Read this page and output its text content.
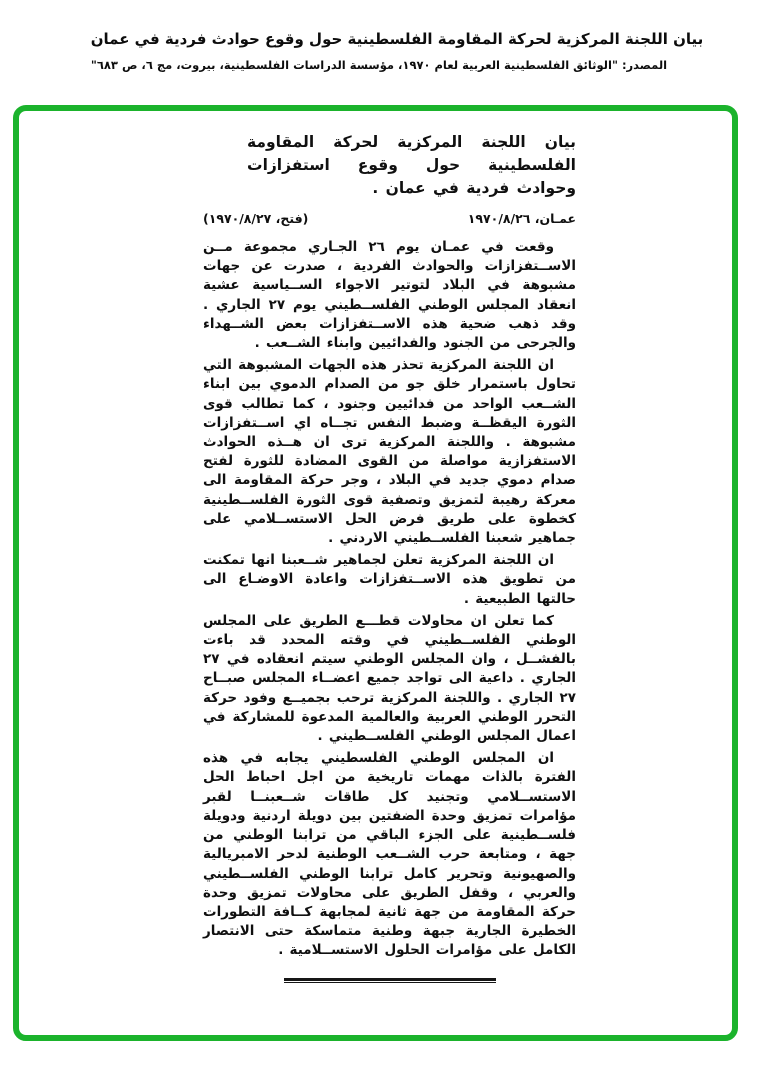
بيان اللجنة المركزية لحركة المقاومة الفلسطينية حول وقوع حوادث فردية في عمان
المصدر: "الوثائق الفلسطينية العربية لعام ١٩٧٠، مؤسسة الدراسات الفلسطينية، بيروت، مج ٦، ص ٦٨٣"
بيان اللجنة المركزية لحركة المقاومة الفلسطينية حول وقوع استفزازات وحوادث فردية في عمان .
عمـان، ١٩٧٠/٨/٢٦
(فتح، ١٩٧٠/٨/٢٧)

وقعت في عمـان يوم ٢٦ الجـاري مجموعة مــن الاســتفزازات والحوادث الفردية ، صدرت عن جهات مشبوهة في البلاد لتوتير الاجواء الســياسية عشية انعقاد المجلس الوطني الفلســطيني يوم ٢٧ الجاري . وقد ذهب ضحية هذه الاســتفزازات بعض الشــهداء والجرحى من الجنود والفدائيين وابناء الشــعب .

ان اللجنة المركزية تحذر هذه الجهات المشبوهة التي تحاول باستمرار خلق جو من الصدام الدموي بين ابناء الشــعب الواحد من فدائيين وجنود ، كما تطالب قوى الثورة اليقظــة وضبط النفس تجــاه اي اســتفزازات مشبوهة . واللجنة المركزية ترى ان هــذه الحوادث الاستفزازية مواصلة من القوى المضادة للثورة لفتح صدام دموي جديد في البلاد ، وجر حركة المقاومة الى معركة رهيبة لتمزيق وتصفية قوى الثورة الفلســطينية كخطوة على طريق فرض الحل الاستســلامي على جماهير شعبنا الفلســطيني الاردني .

ان اللجنة المركزية تعلن لجماهير شــعبنا انها تمكنت من تطويق هذه الاســتفزازات واعادة الاوضـاع الى حالتها الطبيعية .

كما تعلن ان محاولات قطـــع الطريق على المجلس الوطني الفلســطيني في وقته المحدد قد باءت بالفشــل ، وان المجلس الوطني سيتم انعقاده في ٢٧ الجاري . داعية الى تواجد جميع اعضــاء المجلس صبــاح ٢٧ الجاري . واللجنة المركزية ترحب بجميــع وفود حركة التحرر الوطني العربية والعالمية المدعوة للمشاركة في اعمال المجلس الوطني الفلســطيني .

ان المجلس الوطني الفلسطيني يجابه في هذه الفترة بالذات مهمات تاريخية من اجل احباط الحل الاستســلامي وتجنيد كل طاقات شــعبنــا لقبر مؤامرات تمزيق وحدة الضفتين بين دويلة اردنية ودويلة فلســطينية على الجزء الباقي من ترابنا الوطني من جهة ، ومتابعة حرب الشــعب الوطنية لدحر الامبريالية والصهيونية وتحرير كامل ترابنا الوطني الفلســطيني والعربي ، وقفل الطريق على محاولات تمزيق وحدة حركة المقاومة من جهة ثانية لمجابهة كــافة التطورات الخطيرة الجارية جبهة وطنية متماسكة حتى الانتصار الكامل على مؤامرات الحلول الاستســلامية .
